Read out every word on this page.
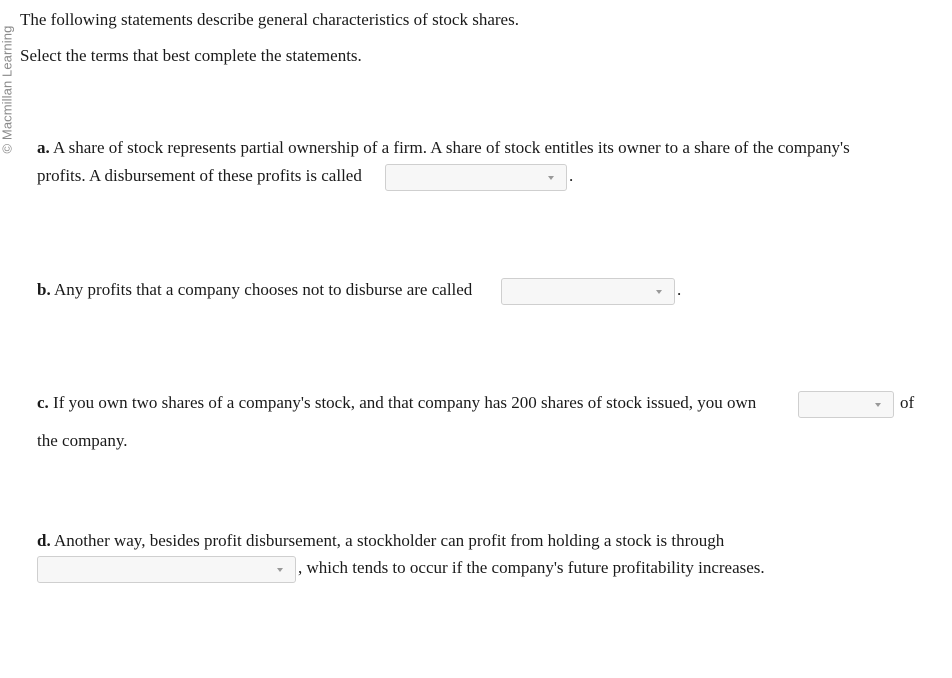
© Macmillan Learning

The following statements describe general characteristics of stock shares.

Select the terms that best complete the statements.

a. A share of stock represents partial ownership of a firm. A share of stock entitles its owner to a share of the company's

profits. A disbursement of these profits is called	.

b. Any profits that a company chooses not to disburse are called	.

c. If you own two shares of a company's stock, and that company has 200 shares of stock issued, you own	of

the company.

d. Another way, besides profit disbursement, a stockholder can profit from holding a stock is through

, which tends to occur if the company's future profitability increases.
